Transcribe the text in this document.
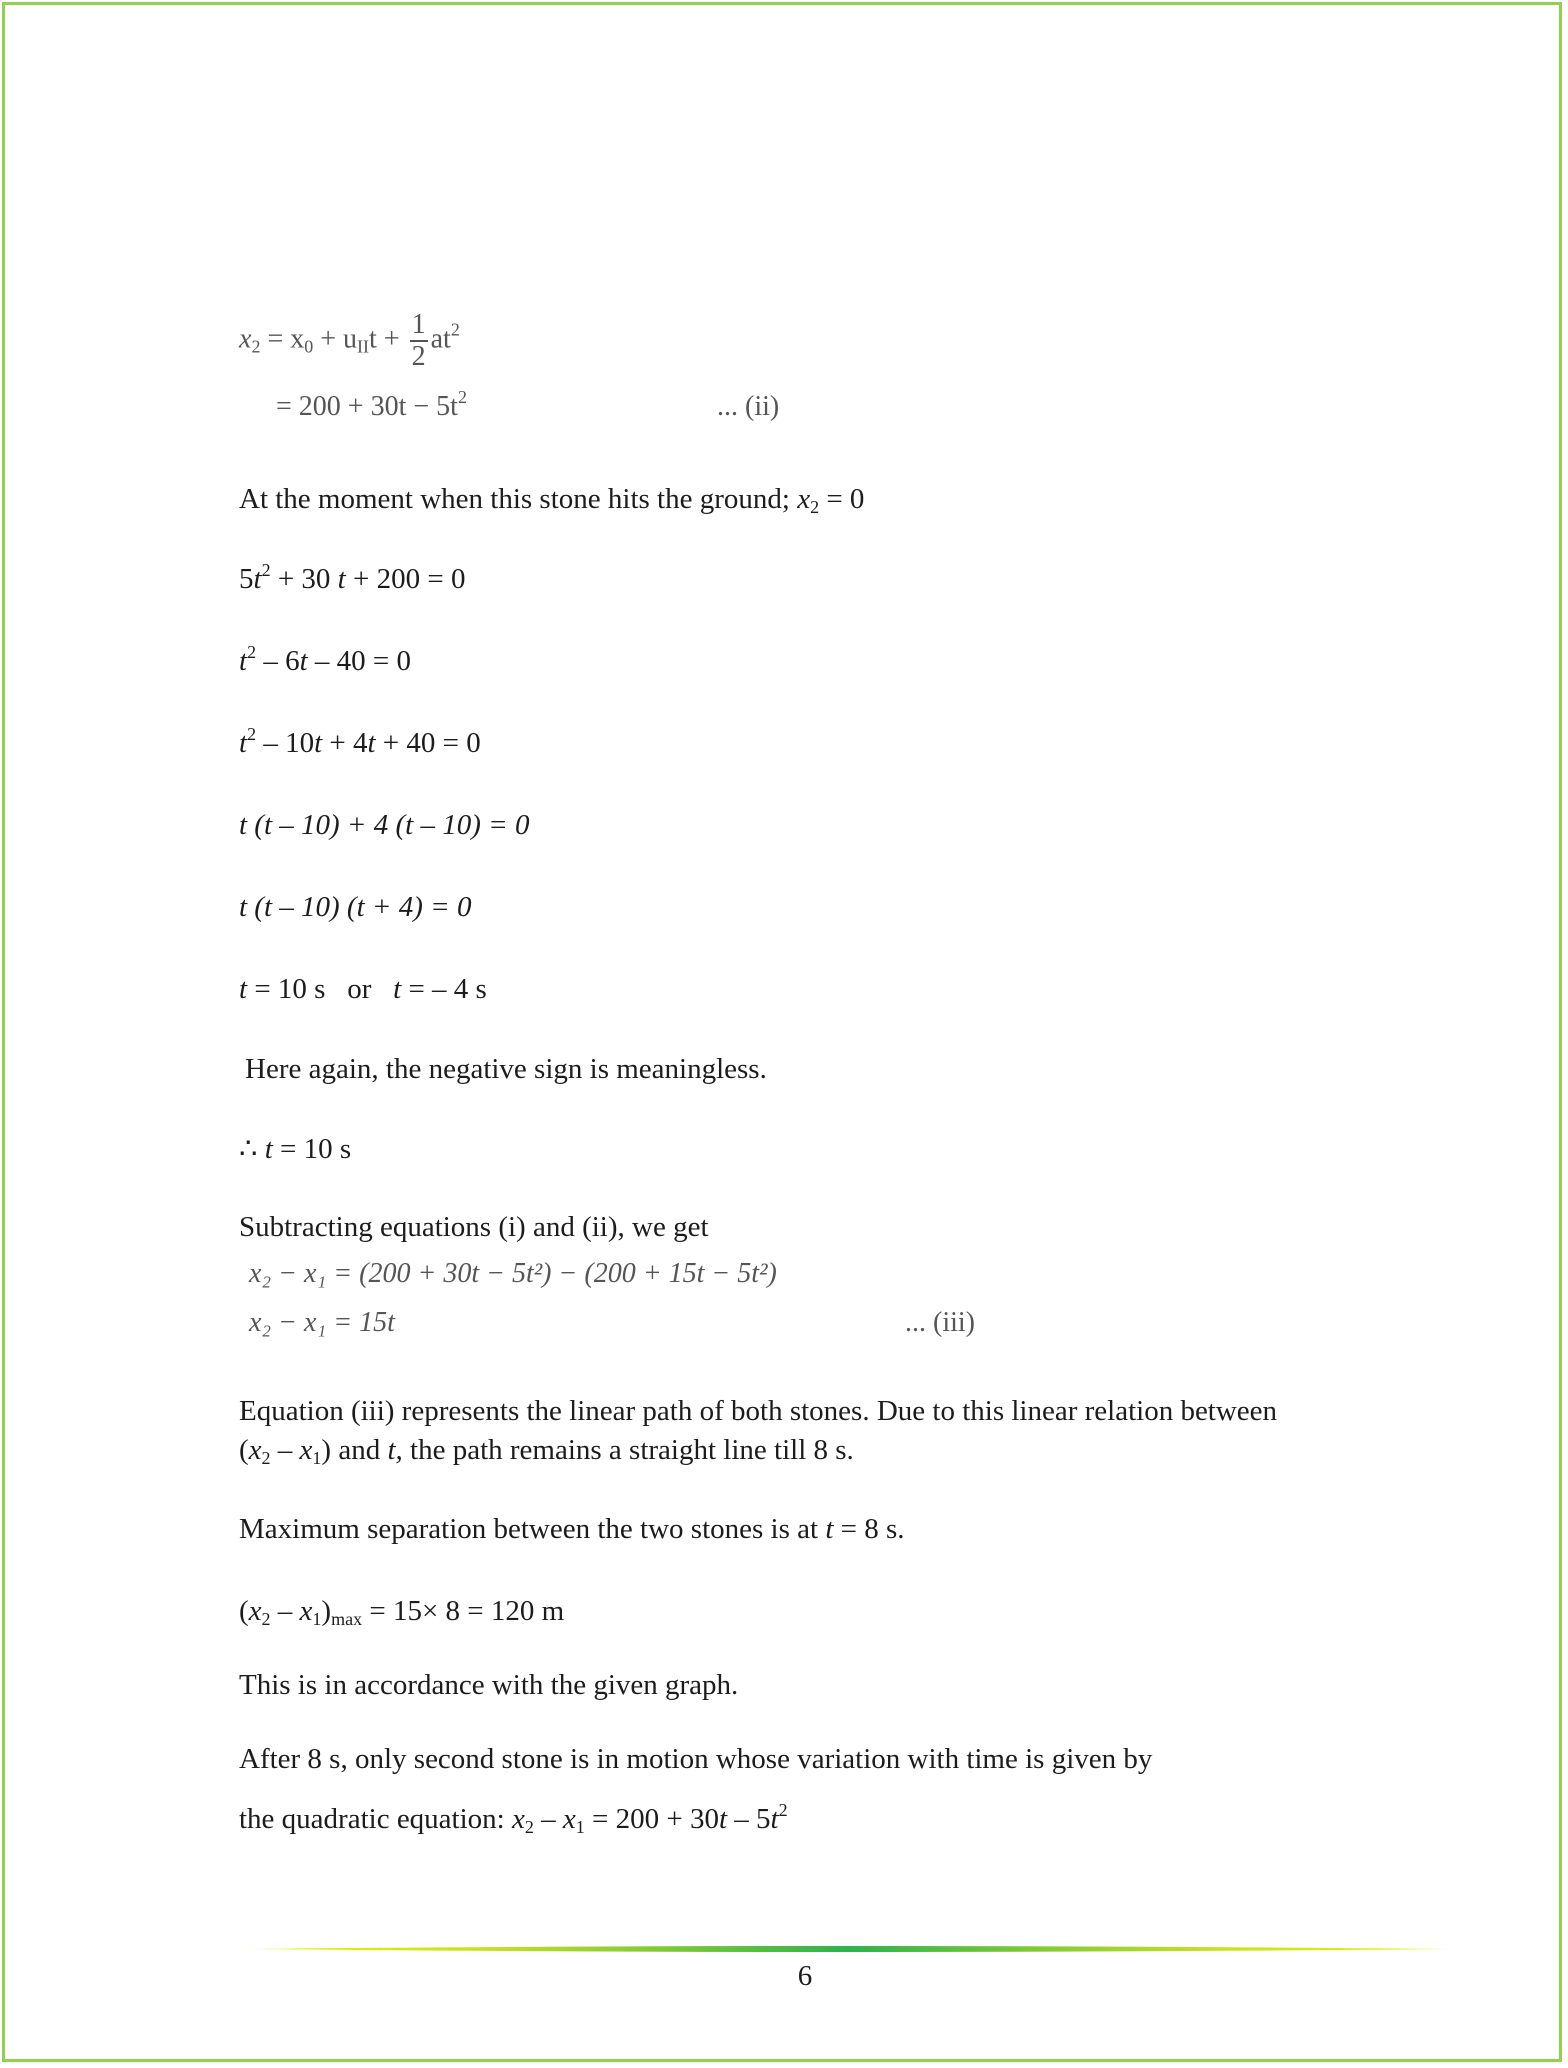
$x_2 = x_0 + u_{II}t + \frac{1}{2} at^2$
= $200 + 30t - 5t^2$	... (ii)
At the moment when this stone hits the ground; $x_2 = 0$
$5t^2 + 30$ t + 200 = 0
$t^2 - 6t - 40 = 0$
$t^2 - 10t + 4t + 40 = 0$
t (t – 10) + 4 (t – 10) = 0
t (t – 10) (t + 4) = 0
t = 10 s   or   t = – 4 s
Here again, the negative sign is meaningless.
∴ t = 10 s
Subtracting equations (i) and (ii), we get
x₂ − x₁ = (200 + 30t − 5t²) − (200 + 15t − 5t²)
x₂ − x₁ = 15t	... (iii)
Equation (iii) represents the linear path of both stones. Due to this linear relation between
$(x_2 - x_1)$ and t, the path remains a straight line till 8 s.
Maximum separation between the two stones is at t = 8 s.
$(x_2 - x_1)_{max} = 15\times 8 = 120$ m
This is in accordance with the given graph.
After 8 s, only second stone is in motion whose variation with time is given by
the quadratic equation: $x_2 - x_1 = 200 + 30t - 5t^2$
6
